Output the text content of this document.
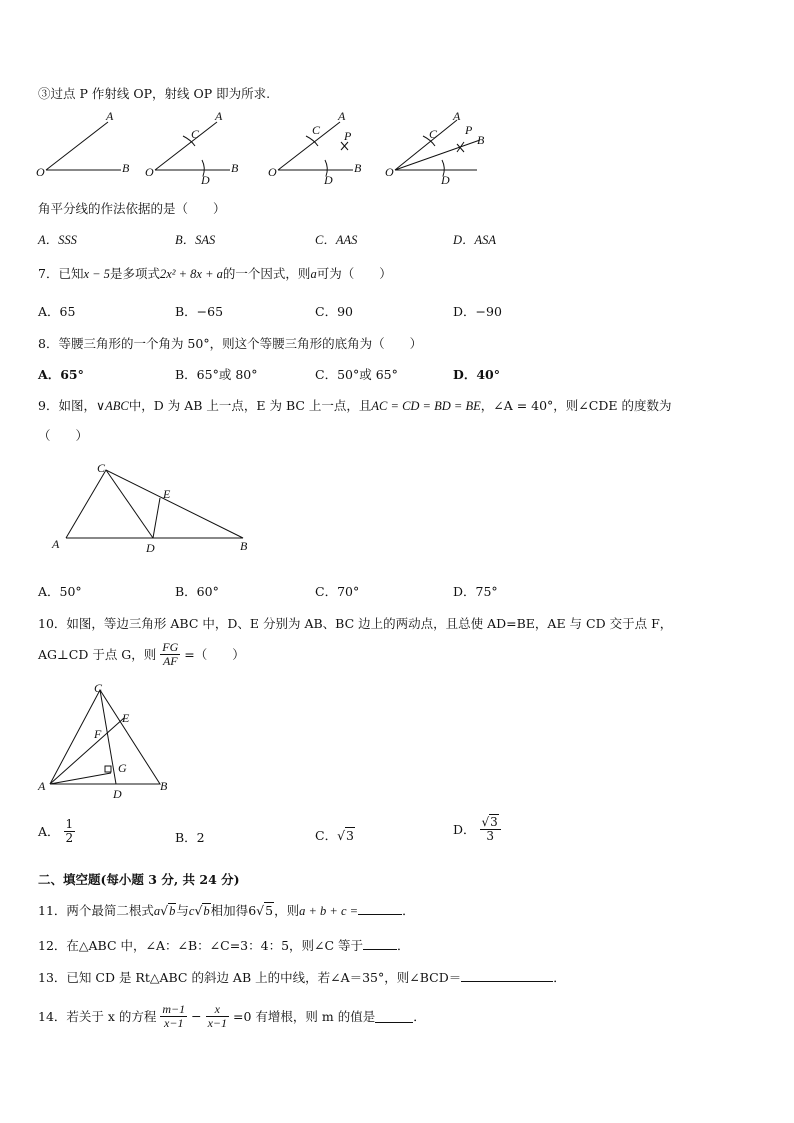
③过点 P 作射线 OP，射线 OP 即为所求.
O
A
B O
A
B
C
D
O
A
B
C
D
P
O
A
B
C
D
P
角平分线的作法依据的是（　　）
A．SSS	B．SAS	C．AAS	D．ASA
7．已知x − 5是多项式2x² + 8x + a的一个因式，则a可为（　　）
A．65	B．−65	C．90	D．−90
8．等腰三角形的一个角为 50°，则这个等腰三角形的底角为（　　）
A．65°	B．65°或 80°	C．50°或 65°	D．40°
9．如图，∨ABC中，D 为 AB 上一点，E 为 BC 上一点，且AC = CD = BD = BE，∠A = 40°，则∠CDE 的度数为
（　　）
A
C
E
D	B
A．50°	B．60°	C．70°	D．75°
10．如图，等边三角形 ABC 中，D、E 分别为 AB、BC 边上的两动点，且总使 AD=BE，AE 与 CD 交于点 F，
AG⊥CD 于点 G，则 $\frac{FG}{AF}$ =（　　）
C
E
F
G
A
D
B
A． $\frac{1}{2}$	B．2	C．√3	D． $\frac{√3}{3}$
二、填空题(每小题 3 分, 共 24 分)
11．两个最简二根式a√b与c√b相加得6√5，则a + b + c =	．
12．在△ABC 中，∠A：∠B：∠C=3：4：5，则∠C 等于	．
13．已知 CD 是 Rt△ABC 的斜边 AB 上的中线，若∠A＝35°，则∠BCD＝	．
14．若关于 x 的方程 $\frac{m-1}{x-1} - \frac{x}{x-1} =0$ 有增根，则 m 的值是	．
